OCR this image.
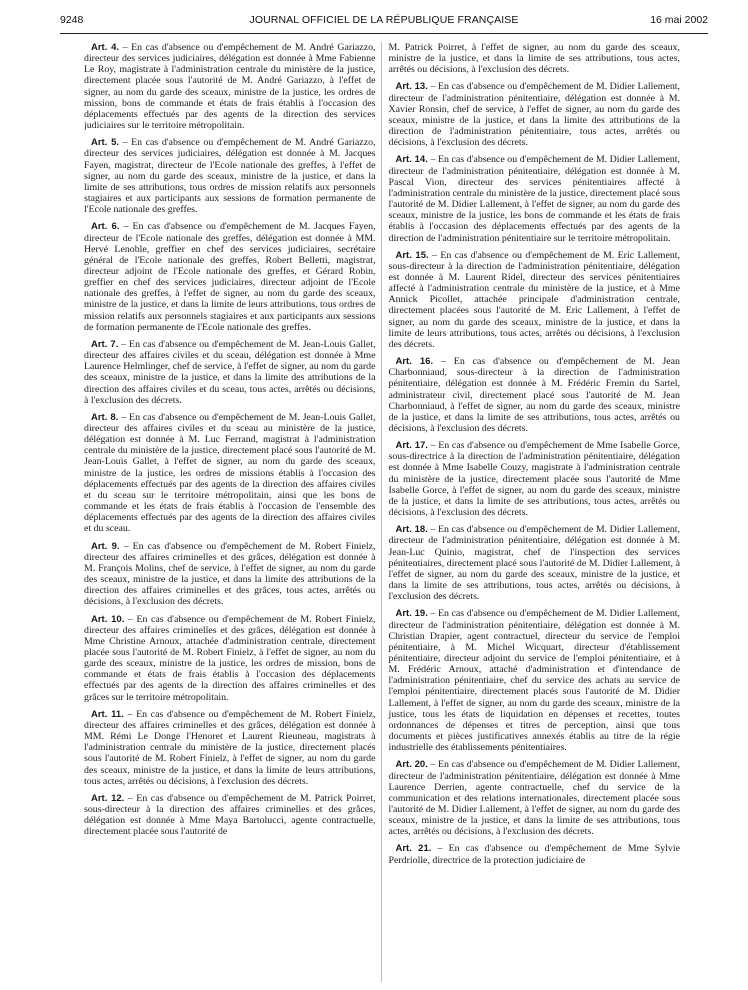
9248	JOURNAL OFFICIEL DE LA RÉPUBLIQUE FRANÇAISE	16 mai 2002

Art. 4. – En cas d'absence ou d'empêchement de M. André Gariazzo, directeur des services judiciaires, délégation est donnée à Mme Fabienne Le Roy, magistrate à l'administration centrale du ministère de la justice, directement placée sous l'autorité de M. André Gariazzo, à l'effet de signer, au nom du garde des sceaux, ministre de la justice, les ordres de mission, bons de commande et états de frais établis à l'occasion des déplacements effectués par des agents de la direction des services judiciaires sur le territoire métropolitain.

Art. 5. – En cas d'absence ou d'empêchement de M. André Gariazzo, directeur des services judiciaires, délégation est donnée à M. Jacques Fayen, magistrat, directeur de l'Ecole nationale des greffes, à l'effet de signer, au nom du garde des sceaux, ministre de la justice, et dans la limite de ses attributions, tous ordres de mission relatifs aux personnels stagiaires et aux participants aux sessions de formation permanente de l'Ecole nationale des greffes.

Art. 6. – En cas d'absence ou d'empêchement de M. Jacques Fayen, directeur de l'Ecole nationale des greffes, délégation est donnée à MM. Hervé Lenoble, greffier en chef des services judiciaires, secrétaire général de l'Ecole nationale des greffes, Robert Belletti, magistrat, directeur adjoint de l'Ecole nationale des greffes, et Gérard Robin, greffier en chef des services judiciaires, directeur adjoint de l'Ecole nationale des greffes, à l'effet de signer, au nom du garde des sceaux, ministre de la justice, et dans la limite de leurs attributions, tous ordres de mission relatifs aux personnels stagiaires et aux participants aux sessions de formation permanente de l'Ecole nationale des greffes.

Art. 7. – En cas d'absence ou d'empêchement de M. Jean-Louis Gallet, directeur des affaires civiles et du sceau, délégation est donnée à Mme Laurence Helmlinger, chef de service, à l'effet de signer, au nom du garde des sceaux, ministre de la justice, et dans la limite des attributions de la direction des affaires civiles et du sceau, tous actes, arrêtés ou décisions, à l'exclusion des décrets.

Art. 8. – En cas d'absence ou d'empêchement de M. Jean-Louis Gallet, directeur des affaires civiles et du sceau au ministère de la justice, délégation est donnée à M. Luc Ferrand, magistrat à l'administration centrale du ministère de la justice, directement placé sous l'autorité de M. Jean-Louis Gallet, à l'effet de signer, au nom du garde des sceaux, ministre de la justice, les ordres de missions établis à l'occasion des déplacements effectués par des agents de la direction des affaires civiles et du sceau sur le territoire métropolitain, ainsi que les bons de commande et les états de frais établis à l'occasion de l'ensemble des déplacements effectués par des agents de la direction des affaires civiles et du sceau.

Art. 9. – En cas d'absence ou d'empêchement de M. Robert Finielz, directeur des affaires criminelles et des grâces, délégation est donnée à M. François Molins, chef de service, à l'effet de signer, au nom du garde des sceaux, ministre de la justice, et dans la limite des attributions de la direction des affaires criminelles et des grâces, tous actes, arrêtés ou décisions, à l'exclusion des décrets.

Art. 10. – En cas d'absence ou d'empêchement de M. Robert Finielz, directeur des affaires criminelles et des grâces, délégation est donnée à Mme Christine Arnoux, attachée d'administration centrale, directement placée sous l'autorité de M. Robert Finielz, à l'effet de signer, au nom du garde des sceaux, ministre de la justice, les ordres de mission, bons de commande et états de frais établis à l'occasion des déplacements effectués par des agents de la direction des affaires criminelles et des grâces sur le territoire métropolitain.

Art. 11. – En cas d'absence ou d'empêchement de M. Robert Finielz, directeur des affaires criminelles et des grâces, délégation est donnée à MM. Rémi Le Donge l'Henoret et Laurent Rieuneau, magistrats à l'administration centrale du ministère de la justice, directement placés sous l'autorité de M. Robert Finielz, à l'effet de signer, au nom du garde des sceaux, ministre de la justice, et dans la limite de leurs attributions, tous actes, arrêtés ou décisions, à l'exclusion des décrets.

Art. 12. – En cas d'absence ou d'empêchement de M. Patrick Poirret, sous-directeur à la direction des affaires criminelles et des grâces, délégation est donnée à Mme Maya Bartolucci, agente contractuelle, directement placée sous l'autorité de

M. Patrick Poirret, à l'effet de signer, au nom du garde des sceaux, ministre de la justice, et dans la limite de ses attributions, tous actes, arrêtés ou décisions, à l'exclusion des décrets.

Art. 13. – En cas d'absence ou d'empêchement de M. Didier Lallement, directeur de l'administration pénitentiaire, délégation est donnée à M. Xavier Ronsin, chef de service, à l'effet de signer, au nom du garde des sceaux, ministre de la justice, et dans la limite des attributions de la direction de l'administration pénitentiaire, tous actes, arrêtés ou décisions, à l'exclusion des décrets.

Art. 14. – En cas d'absence ou d'empêchement de M. Didier Lallement, directeur de l'administration pénitentiaire, délégation est donnée à M. Pascal Vion, directeur des services pénitentiaires affecté à l'administration centrale du ministère de la justice, directement placé sous l'autorité de M. Didier Lallement, à l'effet de signer, au nom du garde des sceaux, ministre de la justice, les bons de commande et les états de frais établis à l'occasion des déplacements effectués par des agents de la direction de l'administration pénitentiaire sur le territoire métropolitain.

Art. 15. – En cas d'absence ou d'empêchement de M. Eric Lallement, sous-directeur à la direction de l'administration pénitentiaire, délégation est donnée à M. Laurent Ridel, directeur des services pénitentiaires affecté à l'administration centrale du ministère de la justice, et à Mme Annick Picollet, attachée principale d'administration centrale, directement placées sous l'autorité de M. Eric Lallement, à l'effet de signer, au nom du garde des sceaux, ministre de la justice, et dans la limite de leurs attributions, tous actes, arrêtés ou décisions, à l'exclusion des décrets.

Art. 16. – En cas d'absence ou d'empêchement de M. Jean Charbonniaud, sous-directeur à la direction de l'administration pénitentiaire, délégation est donnée à M. Frédéric Fremin du Sartel, administrateur civil, directement placé sous l'autorité de M. Jean Charbonniaud, à l'effet de signer, au nom du garde des sceaux, ministre de la justice, et dans la limite de ses attributions, tous actes, arrêtés ou décisions, à l'exclusion des décrets.

Art. 17. – En cas d'absence ou d'empêchement de Mme Isabelle Gorce, sous-directrice à la direction de l'administration pénitentiaire, délégation est donnée à Mme Isabelle Couzy, magistrate à l'administration centrale du ministère de la justice, directement placée sous l'autorité de Mme Isabelle Gorce, à l'effet de signer, au nom du garde des sceaux, ministre de la justice, et dans la limite de ses attributions, tous actes, arrêtés ou décisions, à l'exclusion des décrets.

Art. 18. – En cas d'absence ou d'empêchement de M. Didier Lallement, directeur de l'administration pénitentiaire, délégation est donnée à M. Jean-Luc Quinio, magistrat, chef de l'inspection des services pénitentiaires, directement placé sous l'autorité de M. Didier Lallement, à l'effet de signer, au nom du garde des sceaux, ministre de la justice, et dans la limite de ses attributions, tous actes, arrêtés ou décisions, à l'exclusion des décrets.

Art. 19. – En cas d'absence ou d'empêchement de M. Didier Lallement, directeur de l'administration pénitentiaire, délégation est donnée à M. Christian Drapier, agent contractuel, directeur du service de l'emploi pénitentiaire, à M. Michel Wicquart, directeur d'établissement pénitentiaire, directeur adjoint du service de l'emploi pénitentiaire, et à M. Frédéric Arnoux, attaché d'administration et d'intendance de l'administration pénitentiaire, chef du service des achats au service de l'emploi pénitentiaire, directement placés sous l'autorité de M. Didier Lallement, à l'effet de signer, au nom du garde des sceaux, ministre de la justice, tous les états de liquidation en dépenses et recettes, toutes ordonnances de dépenses et titres de perception, ainsi que tous documents et pièces justificatives annexés établis au titre de la régie industrielle des établissements pénitentiaires.

Art. 20. – En cas d'absence ou d'empêchement de M. Didier Lallement, directeur de l'administration pénitentiaire, délégation est donnée à Mme Laurence Derrien, agente contractuelle, chef du service de la communication et des relations internationales, directement placée sous l'autorité de M. Didier Lallement, à l'effet de signer, au nom du garde des sceaux, ministre de la justice, et dans la limite de ses attributions, tous actes, arrêtés ou décisions, à l'exclusion des décrets.

Art. 21. – En cas d'absence ou d'empêchement de Mme Sylvie Perdriolle, directrice de la protection judiciaire de
